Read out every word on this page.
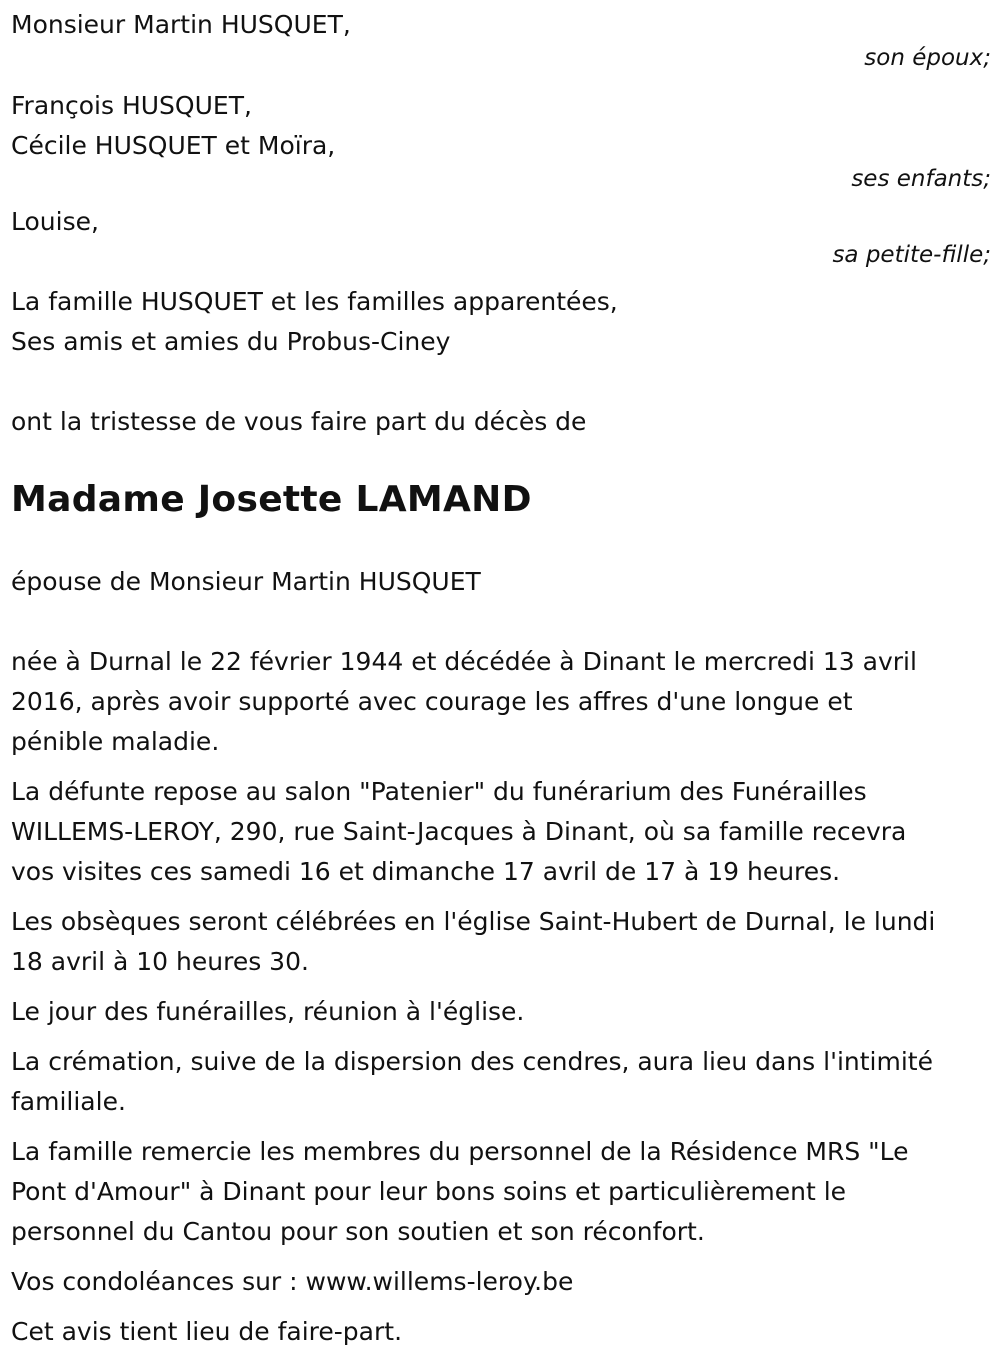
Monsieur Martin HUSQUET,
son époux;
François HUSQUET,
Cécile HUSQUET et Moïra,
ses enfants;
Louise,
sa petite-fille;
La famille HUSQUET et les familles apparentées,
Ses amis et amies du Probus-Ciney
ont la tristesse de vous faire part du décès de
Madame Josette LAMAND
épouse de Monsieur Martin HUSQUET
née à Durnal le 22 février 1944 et décédée à Dinant le mercredi 13 avril
2016, après avoir supporté avec courage les affres d'une longue et
pénible maladie.
La défunte repose au salon "Patenier" du funérarium des Funérailles
WILLEMS-LEROY, 290, rue Saint-Jacques à Dinant, où sa famille recevra
vos visites ces samedi 16 et dimanche 17 avril de 17 à 19 heures.
Les obsèques seront célébrées en l'église Saint-Hubert de Durnal, le lundi
18 avril à 10 heures 30.
Le jour des funérailles, réunion à l'église.
La crémation, suive de la dispersion des cendres, aura lieu dans l'intimité
familiale.
La famille remercie les membres du personnel de la Résidence MRS "Le
Pont d'Amour" à Dinant pour leur bons soins et particulièrement le
personnel du Cantou pour son soutien et son réconfort.
Vos condoléances sur : www.willems-leroy.be
Cet avis tient lieu de faire-part.
